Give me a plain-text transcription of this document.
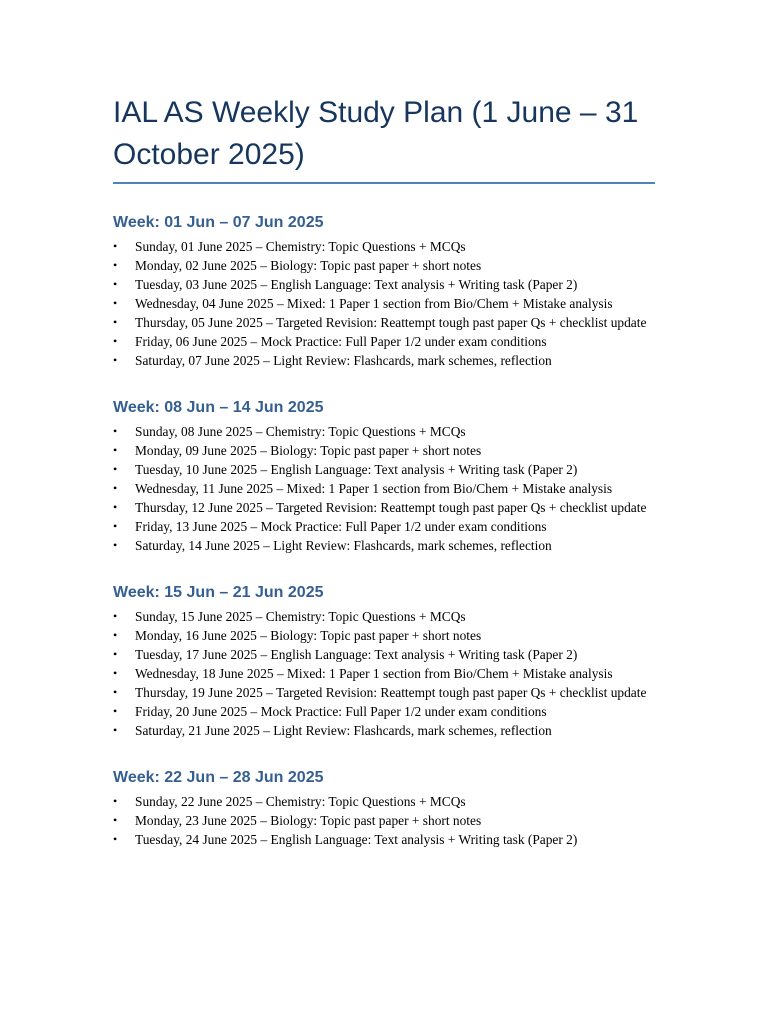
IAL AS Weekly Study Plan (1 June – 31 October 2025)
Week: 01 Jun – 07 Jun 2025
•	Sunday, 01 June 2025 – Chemistry: Topic Questions + MCQs
•	Monday, 02 June 2025 – Biology: Topic past paper + short notes
•	Tuesday, 03 June 2025 – English Language: Text analysis + Writing task (Paper 2)
•	Wednesday, 04 June 2025 – Mixed: 1 Paper 1 section from Bio/Chem + Mistake analysis
•	Thursday, 05 June 2025 – Targeted Revision: Reattempt tough past paper Qs + checklist update
•	Friday, 06 June 2025 – Mock Practice: Full Paper 1/2 under exam conditions
•	Saturday, 07 June 2025 – Light Review: Flashcards, mark schemes, reflection
Week: 08 Jun – 14 Jun 2025
•	Sunday, 08 June 2025 – Chemistry: Topic Questions + MCQs
•	Monday, 09 June 2025 – Biology: Topic past paper + short notes
•	Tuesday, 10 June 2025 – English Language: Text analysis + Writing task (Paper 2)
•	Wednesday, 11 June 2025 – Mixed: 1 Paper 1 section from Bio/Chem + Mistake analysis
•	Thursday, 12 June 2025 – Targeted Revision: Reattempt tough past paper Qs + checklist update
•	Friday, 13 June 2025 – Mock Practice: Full Paper 1/2 under exam conditions
•	Saturday, 14 June 2025 – Light Review: Flashcards, mark schemes, reflection
Week: 15 Jun – 21 Jun 2025
•	Sunday, 15 June 2025 – Chemistry: Topic Questions + MCQs
•	Monday, 16 June 2025 – Biology: Topic past paper + short notes
•	Tuesday, 17 June 2025 – English Language: Text analysis + Writing task (Paper 2)
•	Wednesday, 18 June 2025 – Mixed: 1 Paper 1 section from Bio/Chem + Mistake analysis
•	Thursday, 19 June 2025 – Targeted Revision: Reattempt tough past paper Qs + checklist update
•	Friday, 20 June 2025 – Mock Practice: Full Paper 1/2 under exam conditions
•	Saturday, 21 June 2025 – Light Review: Flashcards, mark schemes, reflection
Week: 22 Jun – 28 Jun 2025
•	Sunday, 22 June 2025 – Chemistry: Topic Questions + MCQs
•	Monday, 23 June 2025 – Biology: Topic past paper + short notes
•	Tuesday, 24 June 2025 – English Language: Text analysis + Writing task (Paper 2)
